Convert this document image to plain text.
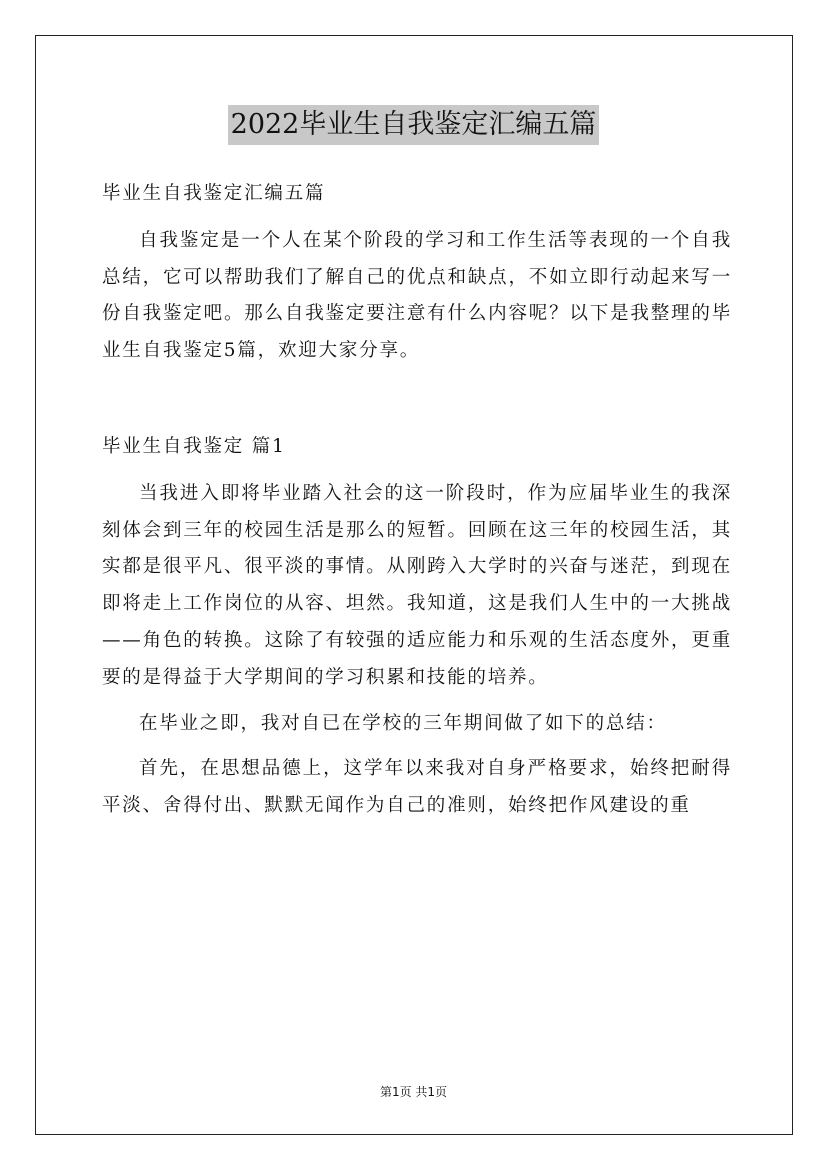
2022毕业生自我鉴定汇编五篇

毕业生自我鉴定汇编五篇

自我鉴定是一个人在某个阶段的学习和工作生活等表现的一个自我总结，它可以帮助我们了解自己的优点和缺点，不如立即行动起来写一份自我鉴定吧。那么自我鉴定要注意有什么内容呢？以下是我整理的毕业生自我鉴定5篇，欢迎大家分享。

毕业生自我鉴定 篇1

当我进入即将毕业踏入社会的这一阶段时，作为应届毕业生的我深刻体会到三年的校园生活是那么的短暂。回顾在这三年的校园生活，其实都是很平凡、很平淡的事情。从刚跨入大学时的兴奋与迷茫，到现在即将走上工作岗位的从容、坦然。我知道，这是我们人生中的一大挑战——角色的转换。这除了有较强的适应能力和乐观的生活态度外，更重要的是得益于大学期间的学习积累和技能的培养。

在毕业之即，我对自已在学校的三年期间做了如下的总结：

首先，在思想品德上，这学年以来我对自身严格要求，始终把耐得平淡、舍得付出、默默无闻作为自己的准则，始终把作风建设的重

第1页 共1页
